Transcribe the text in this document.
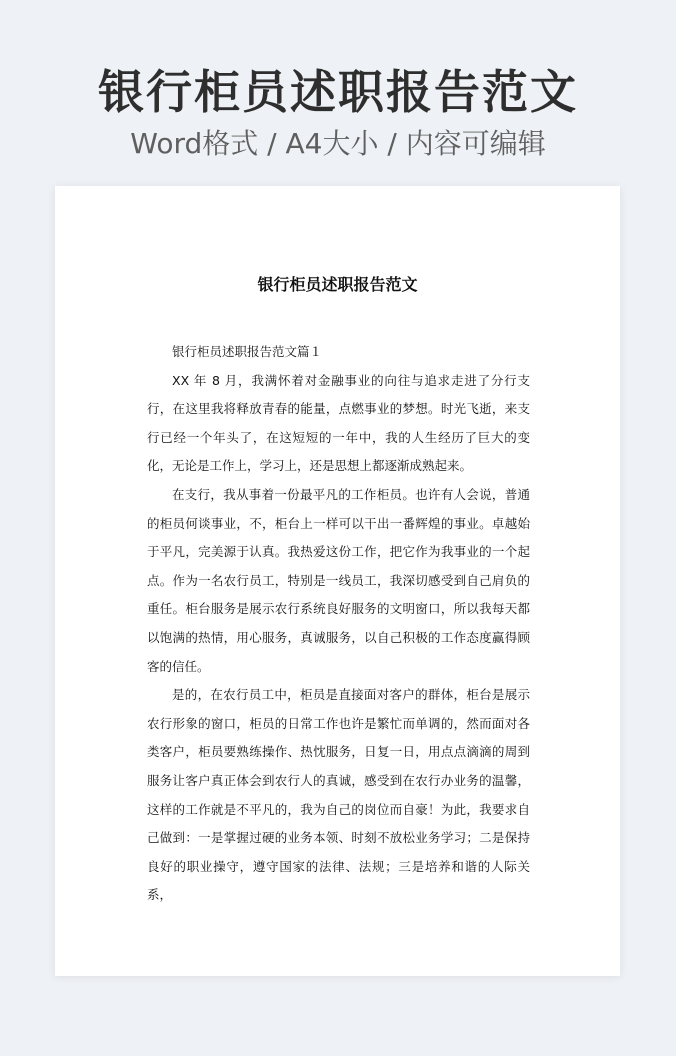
银行柜员述职报告范文
Word格式 / A4大小 / 内容可编辑
银行柜员述职报告范文

银行柜员述职报告范文篇１

XX 年 8 月，我满怀着对金融事业的向往与追求走进了分行支行，在这里我将释放青春的能量，点燃事业的梦想。时光飞逝，来支行已经一个年头了，在这短短的一年中，我的人生经历了巨大的变化，无论是工作上，学习上，还是思想上都逐渐成熟起来。

在支行，我从事着一份最平凡的工作柜员。也许有人会说，普通的柜员何谈事业，不，柜台上一样可以干出一番辉煌的事业。卓越始于平凡，完美源于认真。我热爱这份工作，把它作为我事业的一个起点。作为一名农行员工，特别是一线员工，我深切感受到自己肩负的重任。柜台服务是展示农行系统良好服务的文明窗口，所以我每天都以饱满的热情，用心服务，真诚服务，以自己积极的工作态度赢得顾客的信任。

是的，在农行员工中，柜员是直接面对客户的群体，柜台是展示农行形象的窗口，柜员的日常工作也许是繁忙而单调的，然而面对各类客户，柜员要熟练操作、热忱服务，日复一日，用点点滴滴的周到服务让客户真正体会到农行人的真诚，感受到在农行办业务的温馨，这样的工作就是不平凡的，我为自己的岗位而自豪！为此，我要求自己做到：一是掌握过硬的业务本领、时刻不放松业务学习；二是保持良好的职业操守，遵守国家的法律、法规；三是培养和谐的人际关系，
